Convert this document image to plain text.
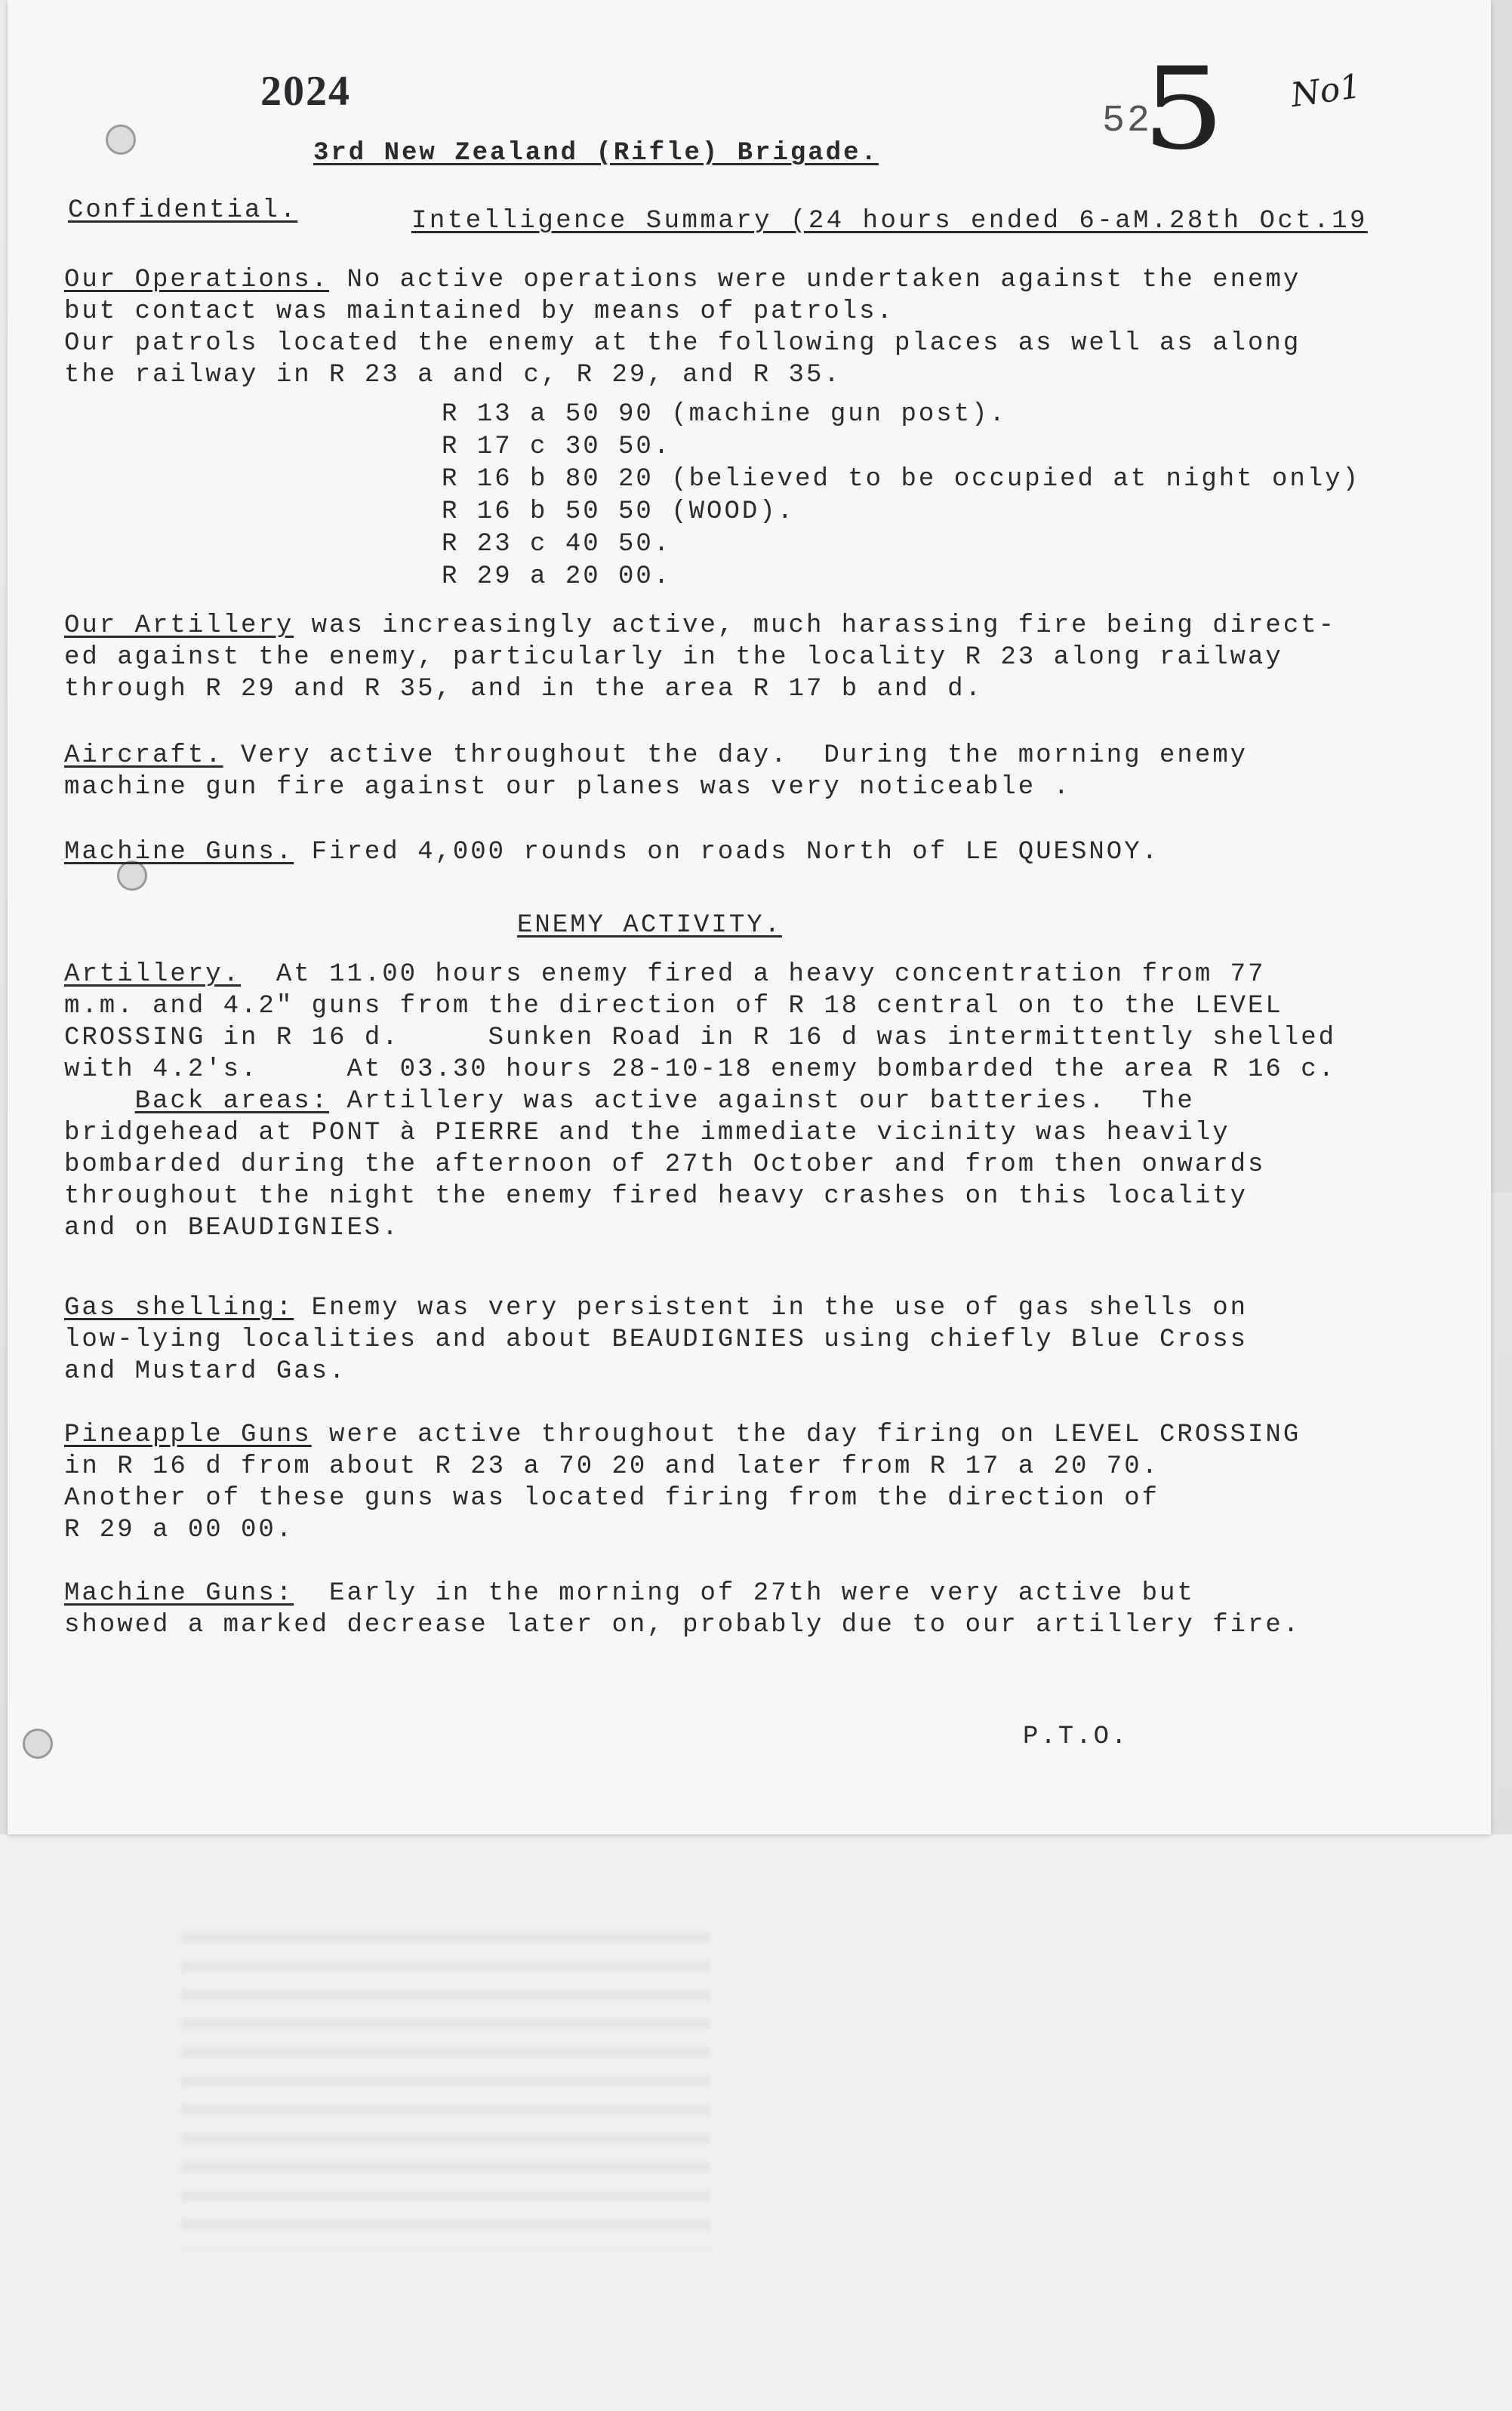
2024
52
5 No1
3rd New Zealand (Rifle) Brigade.
Confidential.	Intelligence Summary (24 hours ended 6-aM.28th Oct.19
Our Operations. No active operations were undertaken against the enemy
but contact was maintained by means of patrols.
Our patrols located the enemy at the following places as well as along
the railway in R 23 a and c, R 29, and R 35.
R 13 a 50 90 (machine gun post).
R 17 c 30 50.
R 16 b 80 20 (believed to be occupied at night only)
R 16 b 50 50 (WOOD).
R 23 c 40 50.
R 29 a 20 00.
Our Artillery was increasingly active, much harassing fire being direct-
ed against the enemy, particularly in the locality R 23 along railway
through R 29 and R 35, and in the area R 17 b and d.
Aircraft. Very active throughout the day.  During the morning enemy
machine gun fire against our planes was very noticeable .
Machine Guns. Fired 4,000 rounds on roads North of LE QUESNOY.
ENEMY ACTIVITY.
Artillery.  At 11.00 hours enemy fired a heavy concentration from 77
m.m. and 4.2" guns from the direction of R 18 central on to the LEVEL
CROSSING in R 16 d.     Sunken Road in R 16 d was intermittently shelled
with 4.2's.     At 03.30 hours 28-10-18 enemy bombarded the area R 16 c.
Back areas: Artillery was active against our batteries.  The
bridgehead at PONT à PIERRE and the immediate vicinity was heavily
bombarded during the afternoon of 27th October and from then onwards
throughout the night the enemy fired heavy crashes on this locality
and on BEAUDIGNIES.
Gas shelling: Enemy was very persistent in the use of gas shells on
low-lying localities and about BEAUDIGNIES using chiefly Blue Cross
and Mustard Gas.
Pineapple Guns were active throughout the day firing on LEVEL CROSSING
in R 16 d from about R 23 a 70 20 and later from R 17 a 20 70.
Another of these guns was located firing from the direction of
R 29 a 00 00.
Machine Guns:  Early in the morning of 27th were very active but
showed a marked decrease later on, probably due to our artillery fire.
P.T.O.
